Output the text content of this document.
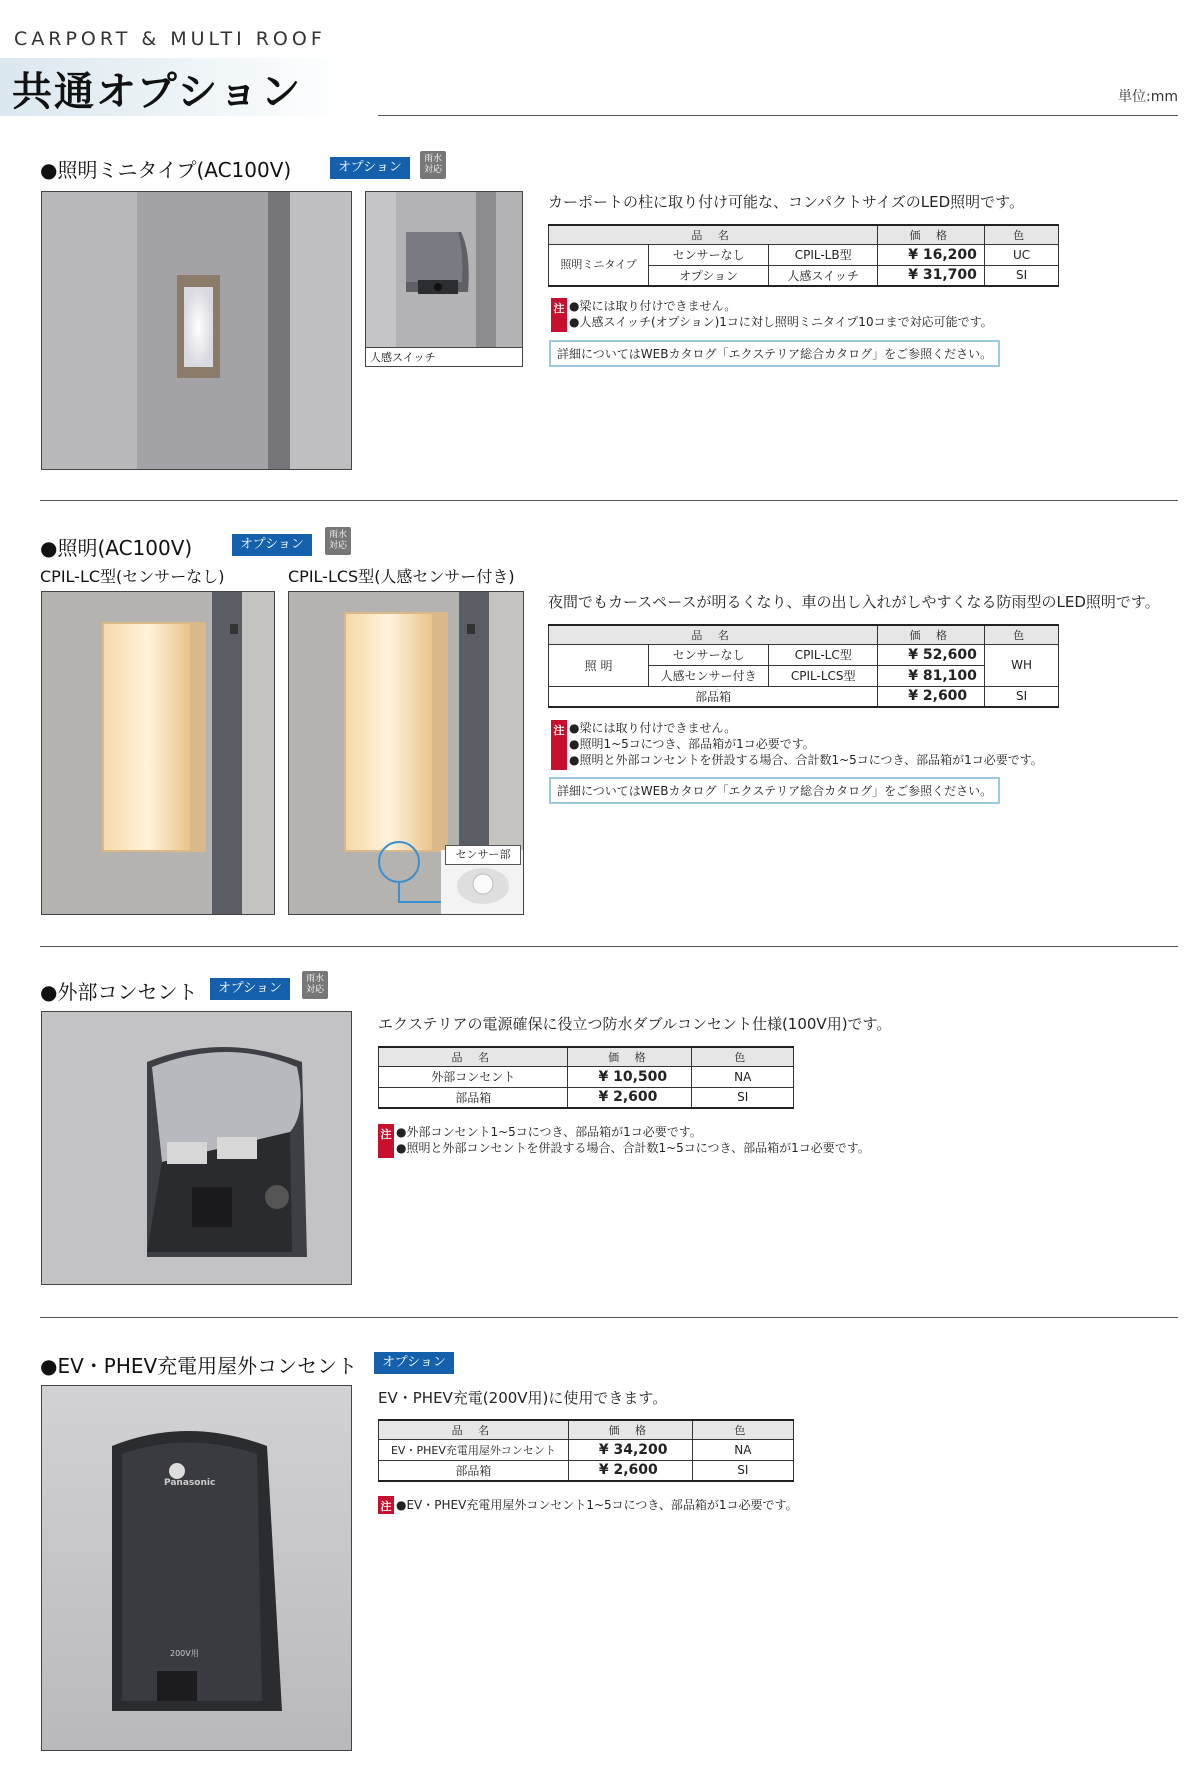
CARPORT & MULTI ROOF
共通オプション	単位:mm
●照明ミニタイプ(AC100V)	オプション
雨水対応
人感スイッチ
カーポートの柱に取り付け可能な、コンパクトサイズのLED照明です。
品 名			価 格	色
照明ミニタイプ	センサーなし	CPIL-LB型	¥ 16,200	UC
	オプション	人感スイッチ	¥ 31,700	SI
注 ●梁には取り付けできません。
●人感スイッチ(オプション)1コに対し照明ミニタイプ10コまで対応可能です。
詳細についてはWEBカタログ「エクステリア総合カタログ」をご参照ください。
●照明(AC100V)	オプション
雨水対応
CPIL-LC型(センサーなし)	CPIL-LCS型(人感センサー付き)
センサー部
夜間でもカースペースが明るくなり、車の出し入れがしやすくなる防雨型のLED照明です。
品 名			価 格	色
照 明	センサーなし	CPIL-LC型	¥ 52,600	WH
	人感センサー付き	CPIL-LCS型	¥ 81,100	
部品箱			¥ 2,600	SI
注 ●梁には取り付けできません。
●照明1~5コにつき、部品箱が1コ必要です。
●照明と外部コンセントを併設する場合、合計数1~5コにつき、部品箱が1コ必要です。
詳細についてはWEBカタログ「エクステリア総合カタログ」をご参照ください。
●外部コンセント	オプション
雨水対応
エクステリアの電源確保に役立つ防水ダブルコンセント仕様(100V用)です。
品 名	価 格	色
外部コンセント	¥ 10,500	NA
部品箱	¥ 2,600	SI
注 ●外部コンセント1~5コにつき、部品箱が1コ必要です。
●照明と外部コンセントを併設する場合、合計数1~5コにつき、部品箱が1コ必要です。
●EV・PHEV充電用屋外コンセント	オプション
Panasonic
200V用
EV・PHEV充電(200V用)に使用できます。
品 名	価 格	色
EV・PHEV充電用屋外コンセント	¥ 34,200	NA
部品箱	¥ 2,600	SI
注 ●EV・PHEV充電用屋外コンセント1~5コにつき、部品箱が1コ必要です。
